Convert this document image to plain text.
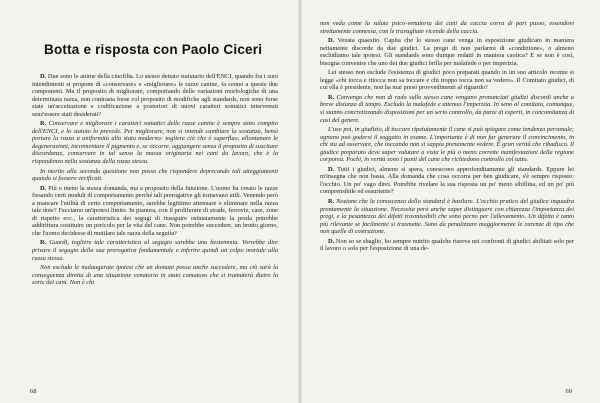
Botta e risposta con Paolo Ciceri

D. Due sono le anime della cinofilia. Lo stesso dettato statutario dell'ENCI, quando fra i suoi intendimenti si propone di «conservare» e «migliorare» le razze canine, fa cenno a queste due componenti. Ma il proposito di migliorare, comportando delle variazioni morfologiche di una determinata razza, non contrasta forse col proposito di modifiche agli standards, non sono forse state un'accettazione e codificazione a posteriori di nuovi caratteri somatici intervenuti senz'essere stati desiderati?

R. Conservare e migliorare i caratteri somatici delle razze canine è sempre stato compito dell'ENCI, e lo statuto lo prevede. Per migliorare, non si intende cambiare la sostanza, bensì portare la razza a uniformità allo stato moderno: togliere ciò che è superfluo, allontanare le degenerazioni, incrementare il pigmento e, se occorre, aggiungere senza il proposito di suscitare discordanze, conservare in tal senso la massa originaria nei cani da lavoro, che è la rispondenza nella sostanza della razza stessa.

In merito alla seconda questione non posso che rispondere deprecando tali atteggiamenti quando si fossero verificati.

D. Più o meno la stessa domanda, ma a proposito della funzione. L'uomo ha creato le razze fissando certi moduli di comportamento perché tali prerogative gli tornavano utili. Venendo però a mancare l'utilità di certo comportamento, sarebbe legittimo attenuare o eliminare nella razza tale dote? Facciamo un'ipotesi limite. In pianura, con il proliferare di strade, ferrovie, case, zone di rispetto ecc., la caratteristica dei segugi di inseguire ostinatamente la preda potrebbe addirittura costituire un pericolo per la vita del cane. Non potrebbe succedere, un brutto giorno, che l'uomo decidesse di mutilare tale razza della seguita?

R. Guardi, togliere tale caratteristica al segugio sarebbe una bestemmia. Vorrebbe dire privare il segugio della sua prerogativa fondamentale e inferire quindi un colpo mortale alla razza stessa.

Non escludo le malaugurate ipotesi che un domani possa anche succedere, ma ciò sarà la conseguenza diretta di una situazione venatoria in stato comatoso che si tramuterà dietro la sorte dei cani. Non è chi

68

non veda come la salute psico-venatoria dei cani da caccia corra di pari passo, essendovi strettamente connessa, con le travagliate vicende della caccia.

D. Vexata quaestio. Capita che lo stesso cane venga in esposizione giudicato in maniera nettamente discorde da due giudici. La prego di non parlarmi di «condizione», o almeno escludiamo tale ipotesi. Gli standards sono dunque redatti in maniera caotica? E se non è così, bisogna convenire che uno dei due giudici brilla per malafede o per imperizia.

Lei stesso non esclude l'esistenza di giudici poco preparati quando in un suo articolo recente si legge «chi tocca e ritocca non sa toccare e chi troppo tocca non sa vedere». Il Comitato giudici, di cui ella è presidente, non ha mai preso provvedimenti al riguardo?

R. Convengo che non di rado sullo stesso cane vengano pronunciati giudizi discordi anche a breve distanza di tempo. Escludo la malafede e attenuo l'imperizia. In seno al comitato, comunque, si stanno concretizzando disposizioni per un serio controllo, da parte di esperti, in concomitanza di casi del genere.

L'uso poi, in giudizio, di toccare ripetutamente il cane si può spiegare come tendenza personale; ognuno può godersi il soggetto in esame. L'importante è di non far generare il convincimento, in chi sta ad osservare, che toccando non si sappia pienamente vedere. È gran verità che ribadisco. Il giudice preparato deve saper valutare a vista le più o meno corrette manifestazioni della regione corporea. Pochi, in verità sono i punti del cane che richiedono controllo col tatto.

D. Tutti i giudici, almeno si spera, conoscono approfonditamente gli standards. Eppure lei m'insegna che non basta. Alla domanda che cosa occorra per ben giudicare, s'è sempre risposto: l'occhio. Un po' vago direi. Potrebbe rivelare la sua risposta un po' meno sibillina, ed un po' più comprensibile ed esauriente?

R. Nozione che la conoscenza dello standard è basilare. L'occhio pratico del giudice inquadra prontamente la situazione. Necessita però anche saper distinguere con chiarezza l'importanza dei pregi, e la pesantezza dei difetti trasmissibili che sono perno per l'allevamento. Un difetto è tanto più rilevante se facilmente si trasmette. Sono da penalizzare maggiormente le carenze di tipo che non quelle di costruzione.

D. Non so se sbaglio, ho sempre nutrito qualche riserva nei confronti di giudici abilitati solo per il lavoro o solo per l'esposizione di una de-

69
